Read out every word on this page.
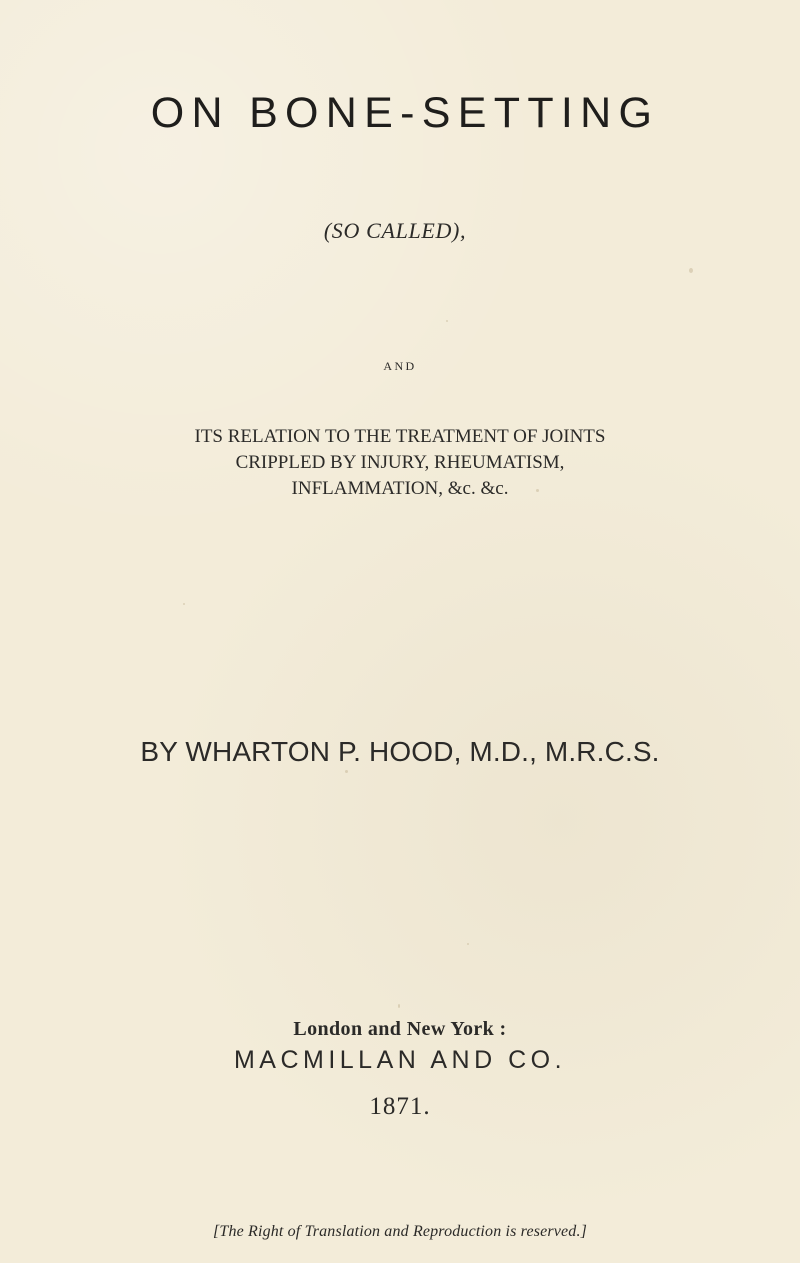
ON BONE-SETTING
(SO CALLED),
AND
ITS RELATION TO THE TREATMENT OF JOINTS
CRIPPLED BY INJURY, RHEUMATISM,
INFLAMMATION, &c. &c.
BY WHARTON P. HOOD, M.D., M.R.C.S.
London and New York :
MACMILLAN AND CO.
1871.
[The Right of Translation and Reproduction is reserved.]
